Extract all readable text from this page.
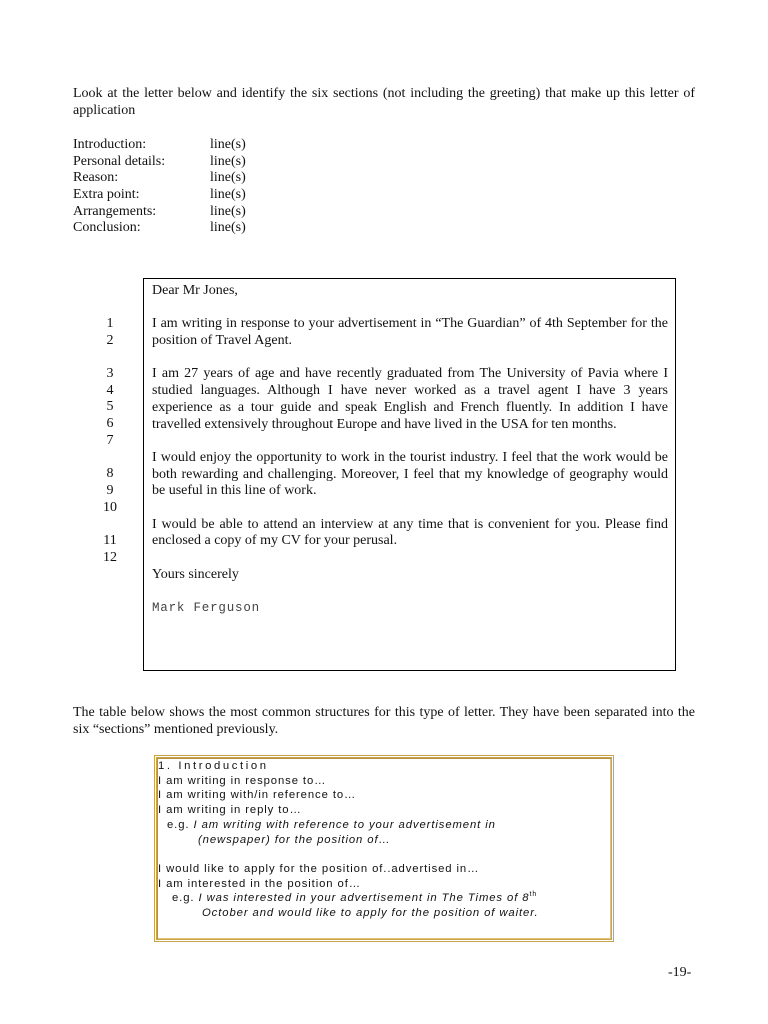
Look at the letter below and identify the six sections (not including the greeting) that make up this letter of application

Introduction:	line(s)
Personal details:	line(s)
Reason:	line(s)
Extra point:	line(s)
Arrangements:	line(s)
Conclusion:	line(s)
1
2
3
4
5
6
7
8
9
10
11
12

Dear Mr Jones,

I am writing in response to your advertisement in “The Guardian” of 4th September for the position of Travel Agent.

I am 27 years of age and have recently graduated from The University of Pavia where I studied languages. Although I have never worked as a travel agent I have 3 years experience as a tour guide and speak English and French fluently. In addition I have travelled extensively throughout Europe and have lived in the USA for ten months.

I would enjoy the opportunity to work in the tourist industry. I feel that the work would be both rewarding and challenging. Moreover, I feel that my knowledge of geography would be useful in this line of work.

I would be able to attend an interview at any time that is convenient for you. Please find enclosed a copy of my CV for your perusal.

Yours sincerely

Mark Ferguson

The table below shows the most common structures for this type of letter. They have been separated into the six “sections” mentioned previously.

1. Introduction
I am writing in response to…
I am writing with/in reference to…
I am writing in reply to…
e.g. I am writing with reference to your advertisement in
(newspaper) for the position of…
I would like to apply for the position of..advertised in…
I am interested in the position of…
e.g. I was interested in your advertisement in The Times of 8th
October and would like to apply for the position of waiter.
-19-
